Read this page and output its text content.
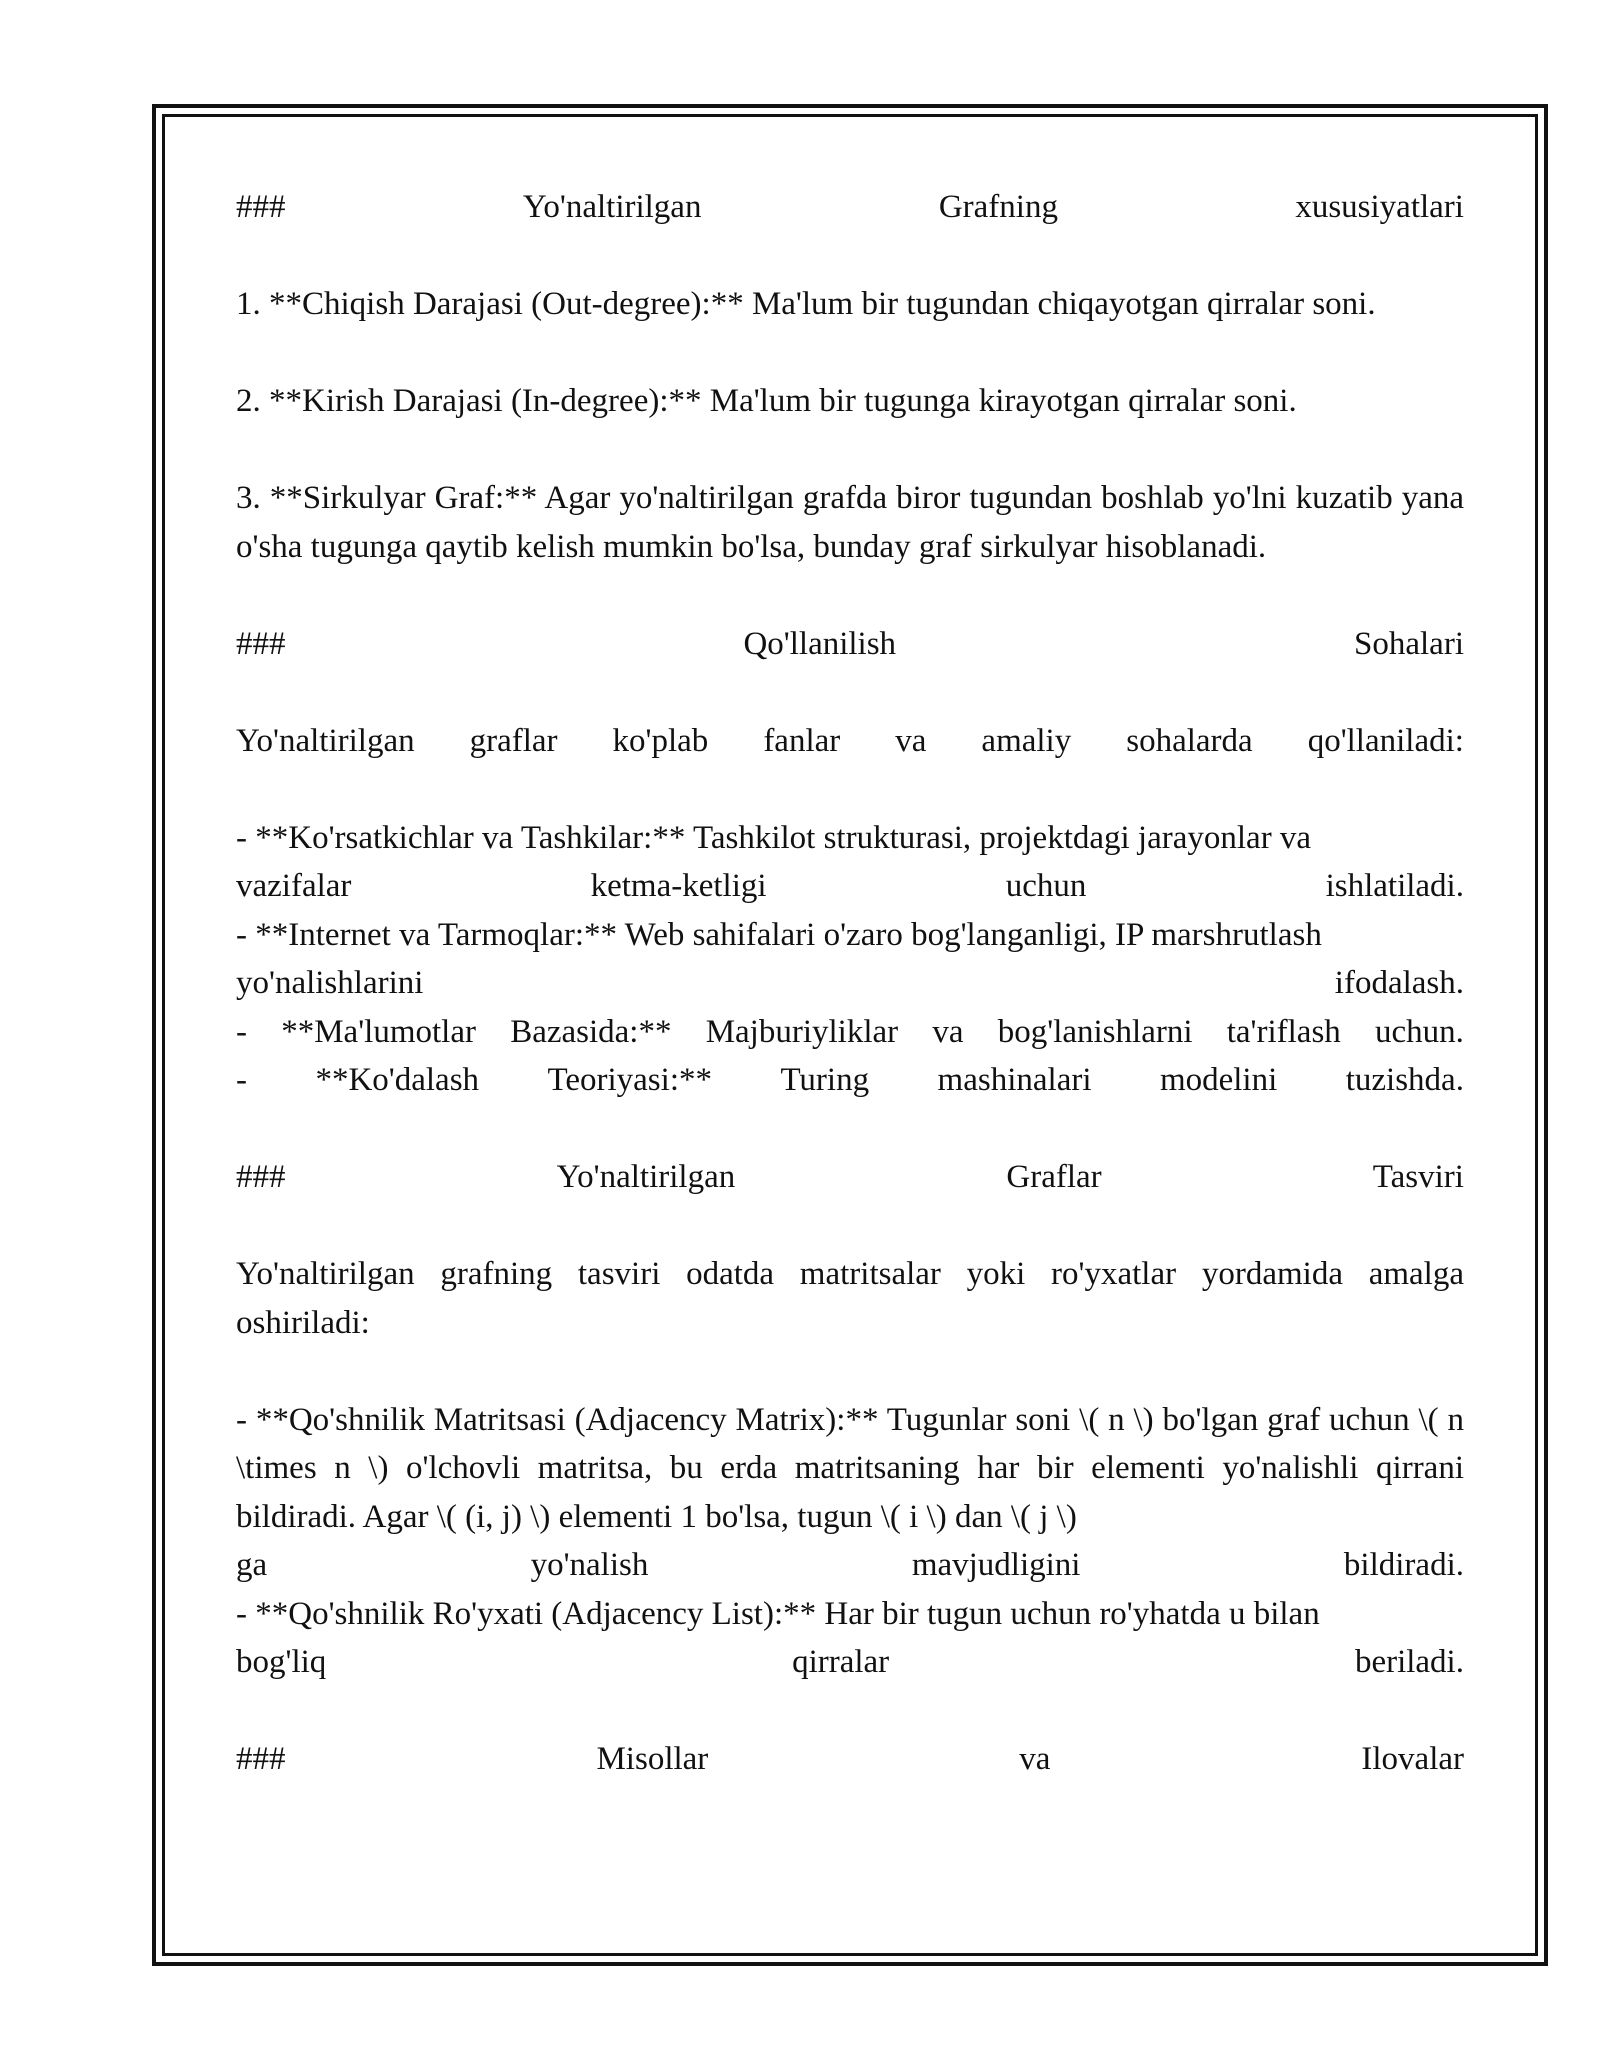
###	Yo'naltirilgan	Grafning	xususiyatlari
1. **Chiqish Darajasi (Out-degree):** Ma'lum bir tugundan chiqayotgan qirralar soni.
2. **Kirish Darajasi (In-degree):** Ma'lum bir tugunga kirayotgan qirralar soni.
3. **Sirkulyar Graf:** Agar yo'naltirilgan grafda biror tugundan boshlab yo'lni kuzatib yana o'sha tugunga qaytib kelish mumkin bo'lsa, bunday graf sirkulyar hisoblanadi.
###	Qo'llanilish	Sohalari
Yo'naltirilgan graflar ko'plab fanlar va amaliy sohalarda qo'llaniladi:
- **Ko'rsatkichlar va Tashkilar:** Tashkilot strukturasi, projektdagi jarayonlar va
vazifalar	ketma-ketligi	uchun	ishlatiladi.
- **Internet va Tarmoqlar:** Web sahifalari o'zaro bog'langanligi, IP marshrutlash
yo'nalishlarini	ifodalash.
- **Ma'lumotlar Bazasida:** Majburiyliklar va bog'lanishlarni ta'riflash uchun.
- **Ko'dalash Teoriyasi:** Turing mashinalari modelini tuzishda.
###	Yo'naltirilgan	Graflar	Tasviri
Yo'naltirilgan grafning tasviri odatda matritsalar yoki ro'yxatlar yordamida amalga oshiriladi:
- **Qo'shnilik Matritsasi (Adjacency Matrix):** Tugunlar soni \( n \) bo'lgan graf uchun \( n \times n \) o'lchovli matritsa, bu erda matritsaning har bir elementi yo'nalishli qirrani bildiradi. Agar \( (i, j) \) elementi 1 bo'lsa, tugun \( i \) dan \( j \)
ga	yo'nalish	mavjudligini	bildiradi.
- **Qo'shnilik Ro'yxati (Adjacency List):** Har bir tugun uchun ro'yhatda u bilan
bog'liq	qirralar	beriladi.
###	Misollar	va	Ilovalar
